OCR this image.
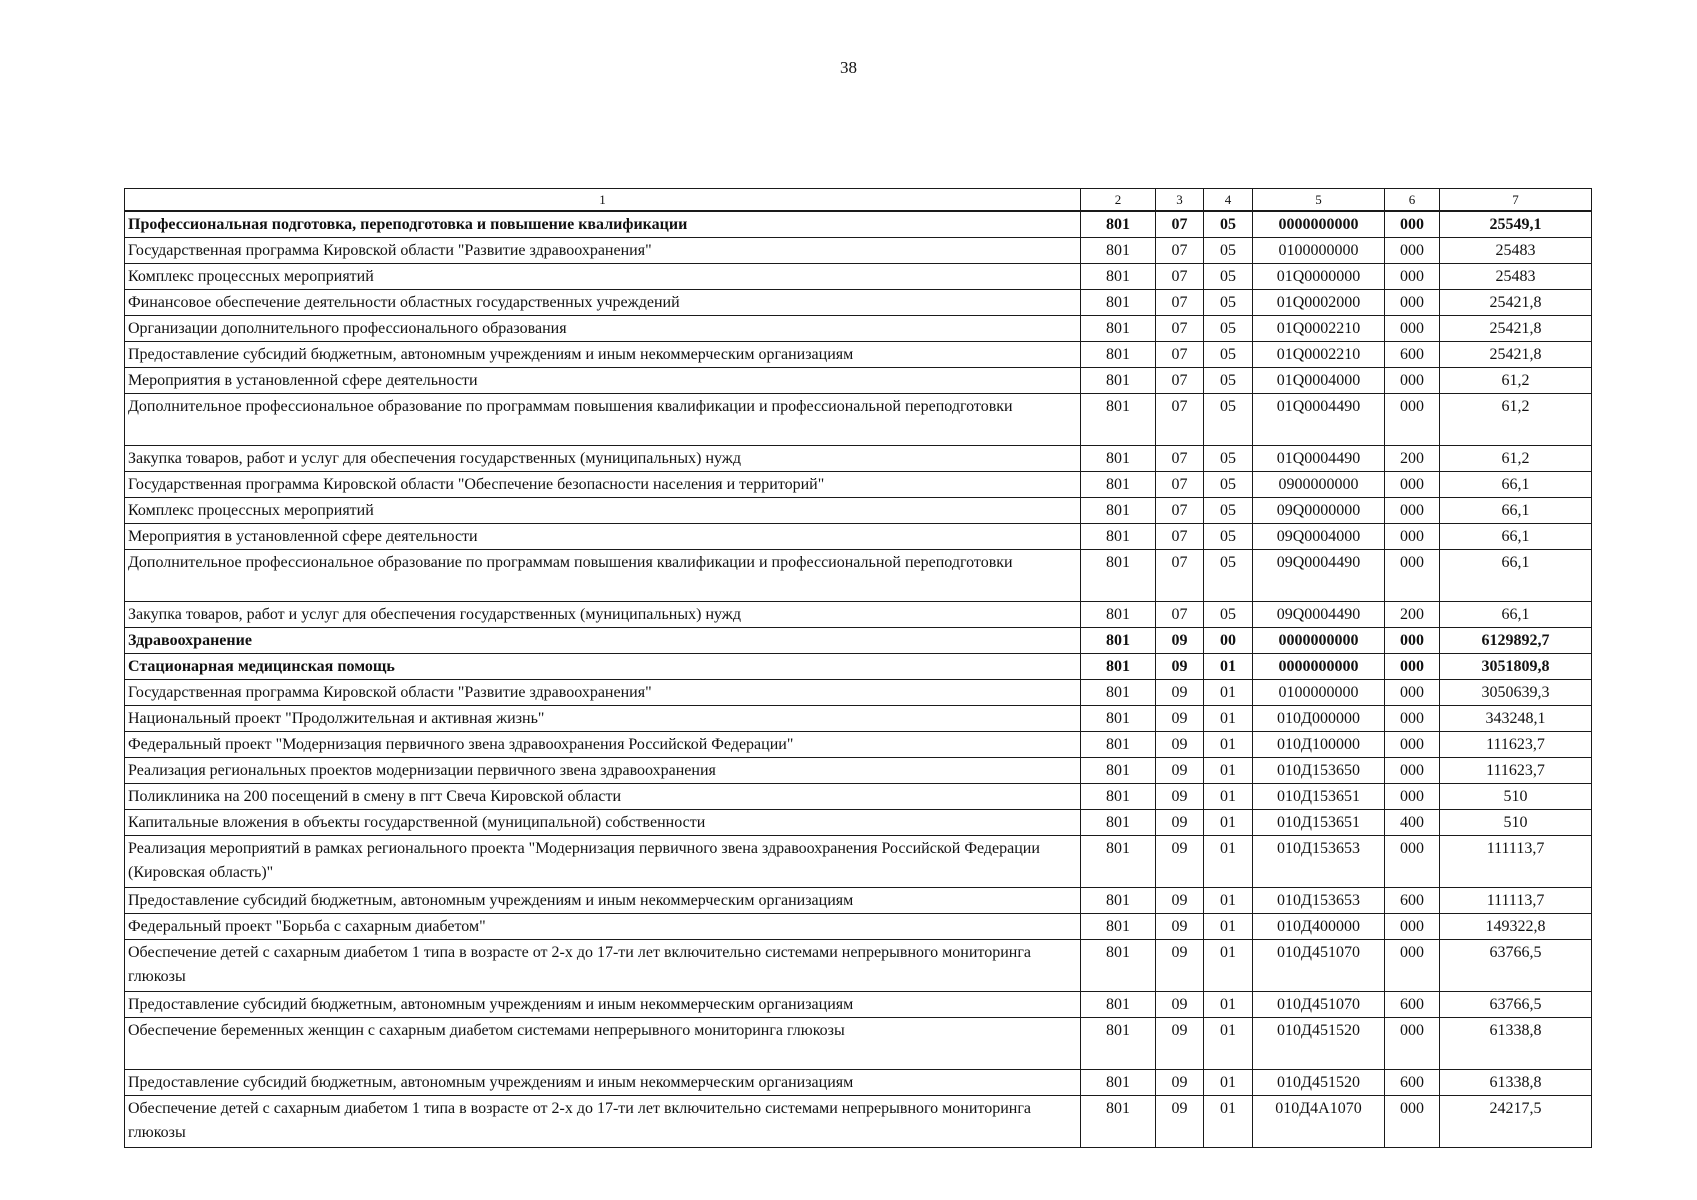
38
1	2	3	4	5	6	7
Профессиональная подготовка, переподготовка и повышение квалификации	801	07	05	0000000000	000	25549,1
Государственная программа Кировской области "Развитие здравоохранения"	801	07	05	0100000000	000	25483
Комплекс процессных мероприятий	801	07	05	01Q0000000	000	25483
Финансовое обеспечение деятельности областных государственных учреждений	801	07	05	01Q0002000	000	25421,8
Организации дополнительного профессионального образования	801	07	05	01Q0002210	000	25421,8
Предоставление субсидий бюджетным, автономным учреждениям и иным некоммерческим организациям	801	07	05	01Q0002210	600	25421,8
Мероприятия в установленной сфере деятельности	801	07	05	01Q0004000	000	61,2
Дополнительное профессиональное образование по программам повышения квалификации и профессиональной переподготовки	801	07	05	01Q0004490	000	61,2
Закупка товаров, работ и услуг для обеспечения государственных (муниципальных) нужд	801	07	05	01Q0004490	200	61,2
Государственная программа Кировской области "Обеспечение безопасности населения и территорий"	801	07	05	0900000000	000	66,1
Комплекс процессных мероприятий	801	07	05	09Q0000000	000	66,1
Мероприятия в установленной сфере деятельности	801	07	05	09Q0004000	000	66,1
Дополнительное профессиональное образование по программам повышения квалификации и профессиональной переподготовки	801	07	05	09Q0004490	000	66,1
Закупка товаров, работ и услуг для обеспечения государственных (муниципальных) нужд	801	07	05	09Q0004490	200	66,1
Здравоохранение	801	09	00	0000000000	000	6129892,7
Стационарная медицинская помощь	801	09	01	0000000000	000	3051809,8
Государственная программа Кировской области "Развитие здравоохранения"	801	09	01	0100000000	000	3050639,3
Национальный проект "Продолжительная и активная жизнь"	801	09	01	010Д000000	000	343248,1
Федеральный проект "Модернизация первичного звена здравоохранения Российской Федерации"	801	09	01	010Д100000	000	111623,7
Реализация региональных проектов модернизации первичного звена здравоохранения	801	09	01	010Д153650	000	111623,7
Поликлиника на 200 посещений в смену в пгт Свеча Кировской области	801	09	01	010Д153651	000	510
Капитальные вложения в объекты государственной (муниципальной) собственности	801	09	01	010Д153651	400	510
Реализация мероприятий в рамках регионального проекта "Модернизация первичного звена здравоохранения Российской Федерации (Кировская область)"	801	09	01	010Д153653	000	111113,7
Предоставление субсидий бюджетным, автономным учреждениям и иным некоммерческим организациям	801	09	01	010Д153653	600	111113,7
Федеральный проект "Борьба с сахарным диабетом"	801	09	01	010Д400000	000	149322,8
Обеспечение детей с сахарным диабетом 1 типа в возрасте от 2-х до 17-ти лет включительно системами непрерывного мониторинга глюкозы	801	09	01	010Д451070	000	63766,5
Предоставление субсидий бюджетным, автономным учреждениям и иным некоммерческим организациям	801	09	01	010Д451070	600	63766,5
Обеспечение беременных женщин с сахарным диабетом системами непрерывного мониторинга глюкозы	801	09	01	010Д451520	000	61338,8
Предоставление субсидий бюджетным, автономным учреждениям и иным некоммерческим организациям	801	09	01	010Д451520	600	61338,8
Обеспечение детей с сахарным диабетом 1 типа в возрасте от 2-х до 17-ти лет включительно системами непрерывного мониторинга глюкозы	801	09	01	010Д4А1070	000	24217,5
